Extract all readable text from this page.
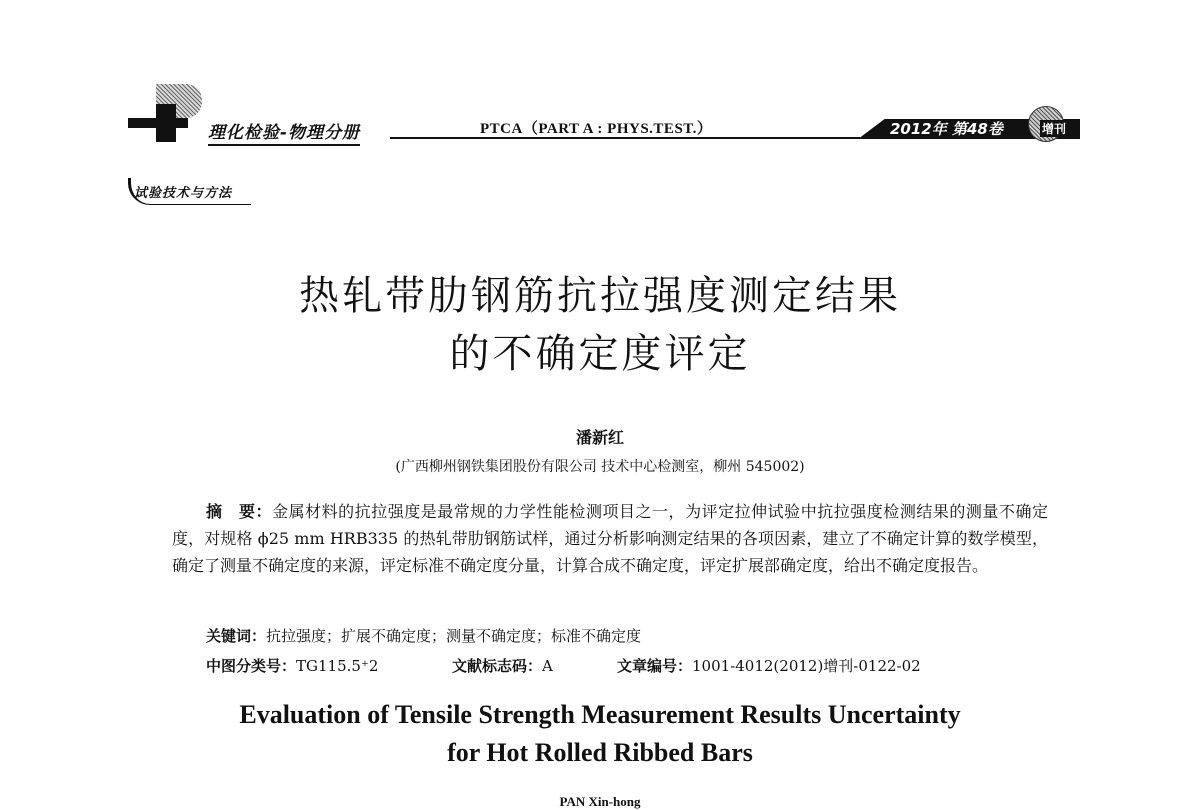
理化检验-物理分册	PTCA（PART A : PHYS.TEST.）	2012年 第48卷	增刊
试验技术与方法
热轧带肋钢筋抗拉强度测定结果
的不确定度评定
潘新红
(广西柳州钢铁集团股份有限公司 技术中心检测室，柳州 545002)
摘　要：金属材料的抗拉强度是最常规的力学性能检测项目之一，为评定拉伸试验中抗拉强度检测结果的测量不确定度，对规格 ϕ25 mm HRB335 的热轧带肋钢筋试样，通过分析影响测定结果的各项因素，建立了不确定计算的数学模型，确定了测量不确定度的来源，评定标准不确定度分量，计算合成不确定度，评定扩展部确定度，给出不确定度报告。
关键词：抗拉强度；扩展不确定度；测量不确定度；标准不确定度
中图分类号：TG115.5⁺2	文献标志码：A	文章编号：1001-4012(2012)增刊-0122-02
Evaluation of Tensile Strength Measurement Results Uncertainty
for Hot Rolled Ribbed Bars
PAN Xin-hong
